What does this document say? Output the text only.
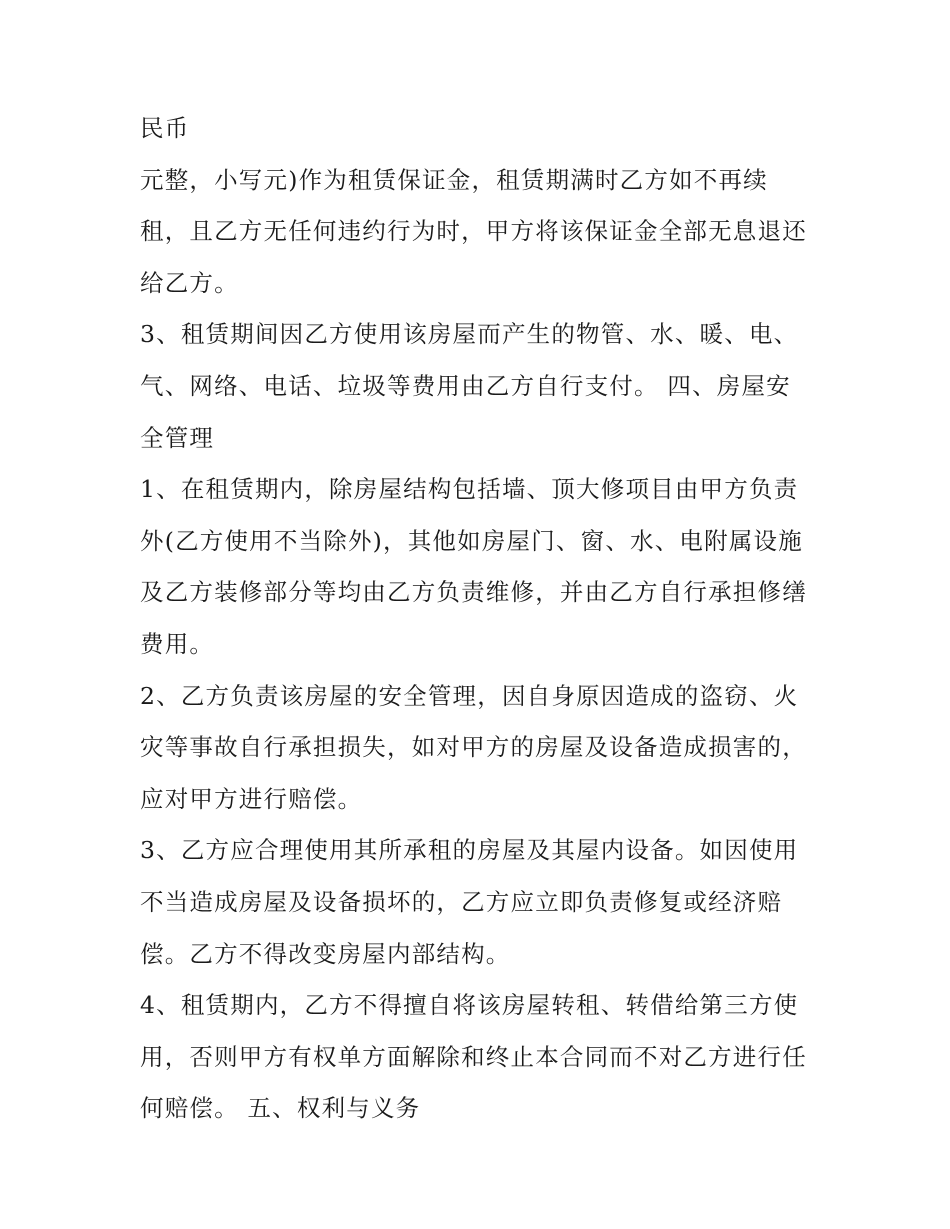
民币
元整，小写元)作为租赁保证金，租赁期满时乙方如不再续
租，且乙方无任何违约行为时，甲方将该保证金全部无息退还
给乙方。
3、租赁期间因乙方使用该房屋而产生的物管、水、暖、电、
气、网络、电话、垃圾等费用由乙方自行支付。 四、房屋安
全管理
1、在租赁期内，除房屋结构包括墙、顶大修项目由甲方负责
外(乙方使用不当除外)，其他如房屋门、窗、水、电附属设施
及乙方装修部分等均由乙方负责维修，并由乙方自行承担修缮
费用。
2、乙方负责该房屋的安全管理，因自身原因造成的盗窃、火
灾等事故自行承担损失，如对甲方的房屋及设备造成损害的，
应对甲方进行赔偿。
3、乙方应合理使用其所承租的房屋及其屋内设备。如因使用
不当造成房屋及设备损坏的，乙方应立即负责修复或经济赔
偿。乙方不得改变房屋内部结构。
4、租赁期内，乙方不得擅自将该房屋转租、转借给第三方使
用，否则甲方有权单方面解除和终止本合同而不对乙方进行任
何赔偿。 五、权利与义务
